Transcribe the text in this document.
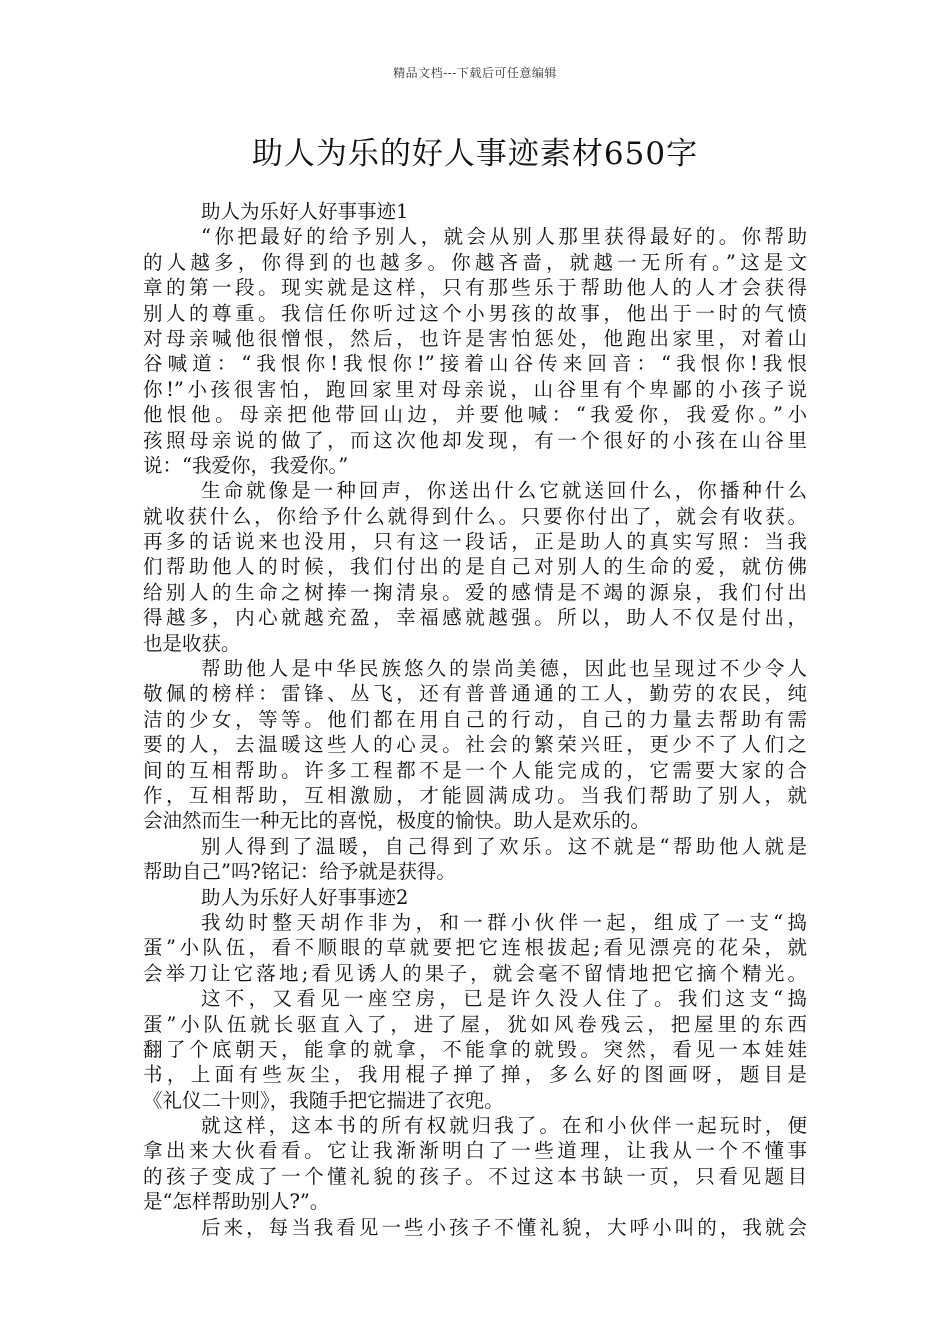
精品文档---下载后可任意编辑
助人为乐的好人事迹素材650字
助人为乐好人好事事迹1
“你把最好的给予别人，就会从别人那里获得最好的。你帮助
的人越多，你得到的也越多。你越吝啬，就越一无所有。”这是文
章的第一段。现实就是这样，只有那些乐于帮助他人的人才会获得
别人的尊重。我信任你听过这个小男孩的故事，他出于一时的气愤
对母亲喊他很憎恨，然后，也许是害怕惩处，他跑出家里，对着山
谷喊道：“我恨你!我恨你!”接着山谷传来回音：“我恨你!我恨
你!”小孩很害怕，跑回家里对母亲说，山谷里有个卑鄙的小孩子说
他恨他。母亲把他带回山边，并要他喊：“我爱你，我爱你。”小
孩照母亲说的做了，而这次他却发现，有一个很好的小孩在山谷里
说：“我爱你，我爱你。”
生命就像是一种回声，你送出什么它就送回什么，你播种什么
就收获什么，你给予什么就得到什么。只要你付出了，就会有收获。
再多的话说来也没用，只有这一段话，正是助人的真实写照：当我
们帮助他人的时候，我们付出的是自己对别人的生命的爱，就仿佛
给别人的生命之树捧一掬清泉。爱的感情是不竭的源泉，我们付出
得越多，内心就越充盈，幸福感就越强。所以，助人不仅是付出，
也是收获。
帮助他人是中华民族悠久的崇尚美德，因此也呈现过不少令人
敬佩的榜样：雷锋、丛飞，还有普普通通的工人，勤劳的农民，纯
洁的少女，等等。他们都在用自己的行动，自己的力量去帮助有需
要的人，去温暖这些人的心灵。社会的繁荣兴旺，更少不了人们之
间的互相帮助。许多工程都不是一个人能完成的，它需要大家的合
作，互相帮助，互相激励，才能圆满成功。当我们帮助了别人，就
会油然而生一种无比的喜悦，极度的愉快。助人是欢乐的。
别人得到了温暖，自己得到了欢乐。这不就是“帮助他人就是
帮助自己”吗?铭记：给予就是获得。
助人为乐好人好事事迹2
我幼时整天胡作非为，和一群小伙伴一起，组成了一支“捣
蛋”小队伍，看不顺眼的草就要把它连根拔起;看见漂亮的花朵，就
会举刀让它落地;看见诱人的果子，就会毫不留情地把它摘个精光。
这不，又看见一座空房，已是许久没人住了。我们这支“捣
蛋”小队伍就长驱直入了，进了屋，犹如风卷残云，把屋里的东西
翻了个底朝天，能拿的就拿，不能拿的就毁。突然，看见一本娃娃
书，上面有些灰尘，我用棍子掸了掸，多么好的图画呀，题目是
《礼仪二十则》，我随手把它揣进了衣兜。
就这样，这本书的所有权就归我了。在和小伙伴一起玩时，便
拿出来大伙看看。它让我渐渐明白了一些道理，让我从一个不懂事
的孩子变成了一个懂礼貌的孩子。不过这本书缺一页，只看见题目
是“怎样帮助别人?”。
后来，每当我看见一些小孩子不懂礼貌，大呼小叫的，我就会
